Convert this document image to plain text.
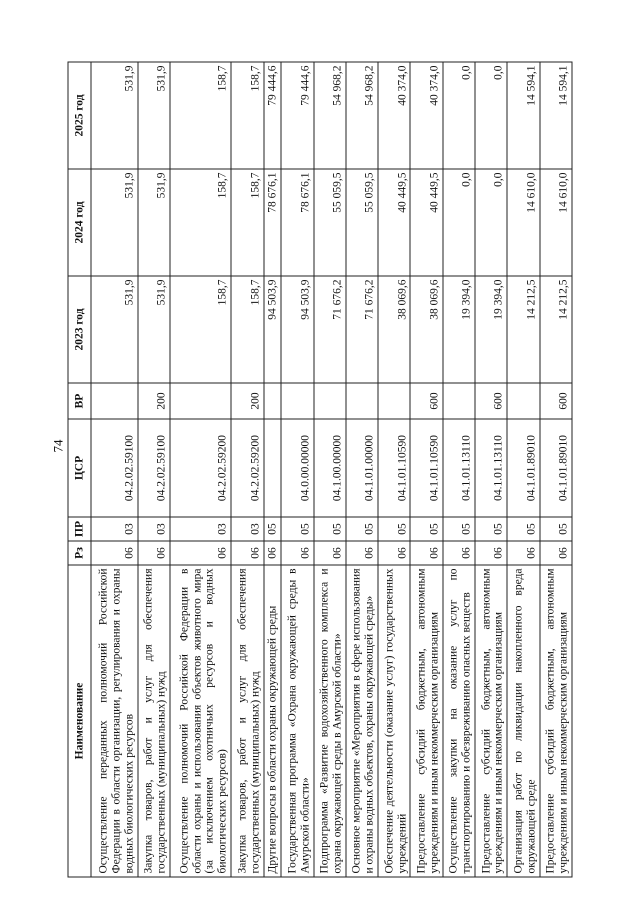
74
Наименование	Рз	ПР	ЦСР	ВР	2023 год	2024 год	2025 год
Осуществление переданных полномочий Российской Федерации в области организации, регулирования и охраны водных биологических ресурсов	06	03	04.2.02.59100		531,9	531,9	531,9
Закупка товаров, работ и услуг для обеспечения государственных (муниципальных) нужд	06	03	04.2.02.59100	200	531,9	531,9	531,9
Осуществление полномочий Российской Федерации в области охраны и использования объектов животного мира (за исключением охотничьих ресурсов и водных биологических ресурсов)	06	03	04.2.02.59200		158,7	158,7	158,7
Закупка товаров, работ и услуг для обеспечения государственных (муниципальных) нужд	06	03	04.2.02.59200	200	158,7	158,7	158,7
Другие вопросы в области охраны окружающей среды	06	05			94 503,9	78 676,1	79 444,6
Государственная программа «Охрана окружающей среды в Амурской области»	06	05	04.0.00.00000		94 503,9	78 676,1	79 444,6
Подпрограмма «Развитие водохозяйственного комплекса и охрана окружающей среды в Амурской области»	06	05	04.1.00.00000		71 676,2	55 059,5	54 968,2
Основное мероприятие «Мероприятия в сфере использования и охраны водных объектов, охраны окружающей среды»	06	05	04.1.01.00000		71 676,2	55 059,5	54 968,2
Обеспечение деятельности (оказание услуг) государственных учреждений	06	05	04.1.01.10590		38 069,6	40 449,5	40 374,0
Предоставление субсидий бюджетным, автономным учреждениям и иным некоммерческим организациям	06	05	04.1.01.10590	600	38 069,6	40 449,5	40 374,0
Осуществление закупки на оказание услуг по транспортированию и обезвреживанию опасных веществ	06	05	04.1.01.13110		19 394,0	0,0	0,0
Предоставление субсидий бюджетным, автономным учреждениям и иным некоммерческим организациям	06	05	04.1.01.13110	600	19 394,0	0,0	0,0
Организация работ по ликвидации накопленного вреда окружающей среде	06	05	04.1.01.89010		14 212,5	14 610,0	14 594,1
Предоставление субсидий бюджетным, автономным учреждениям и иным некоммерческим организациям	06	05	04.1.01.89010	600	14 212,5	14 610,0	14 594,1
